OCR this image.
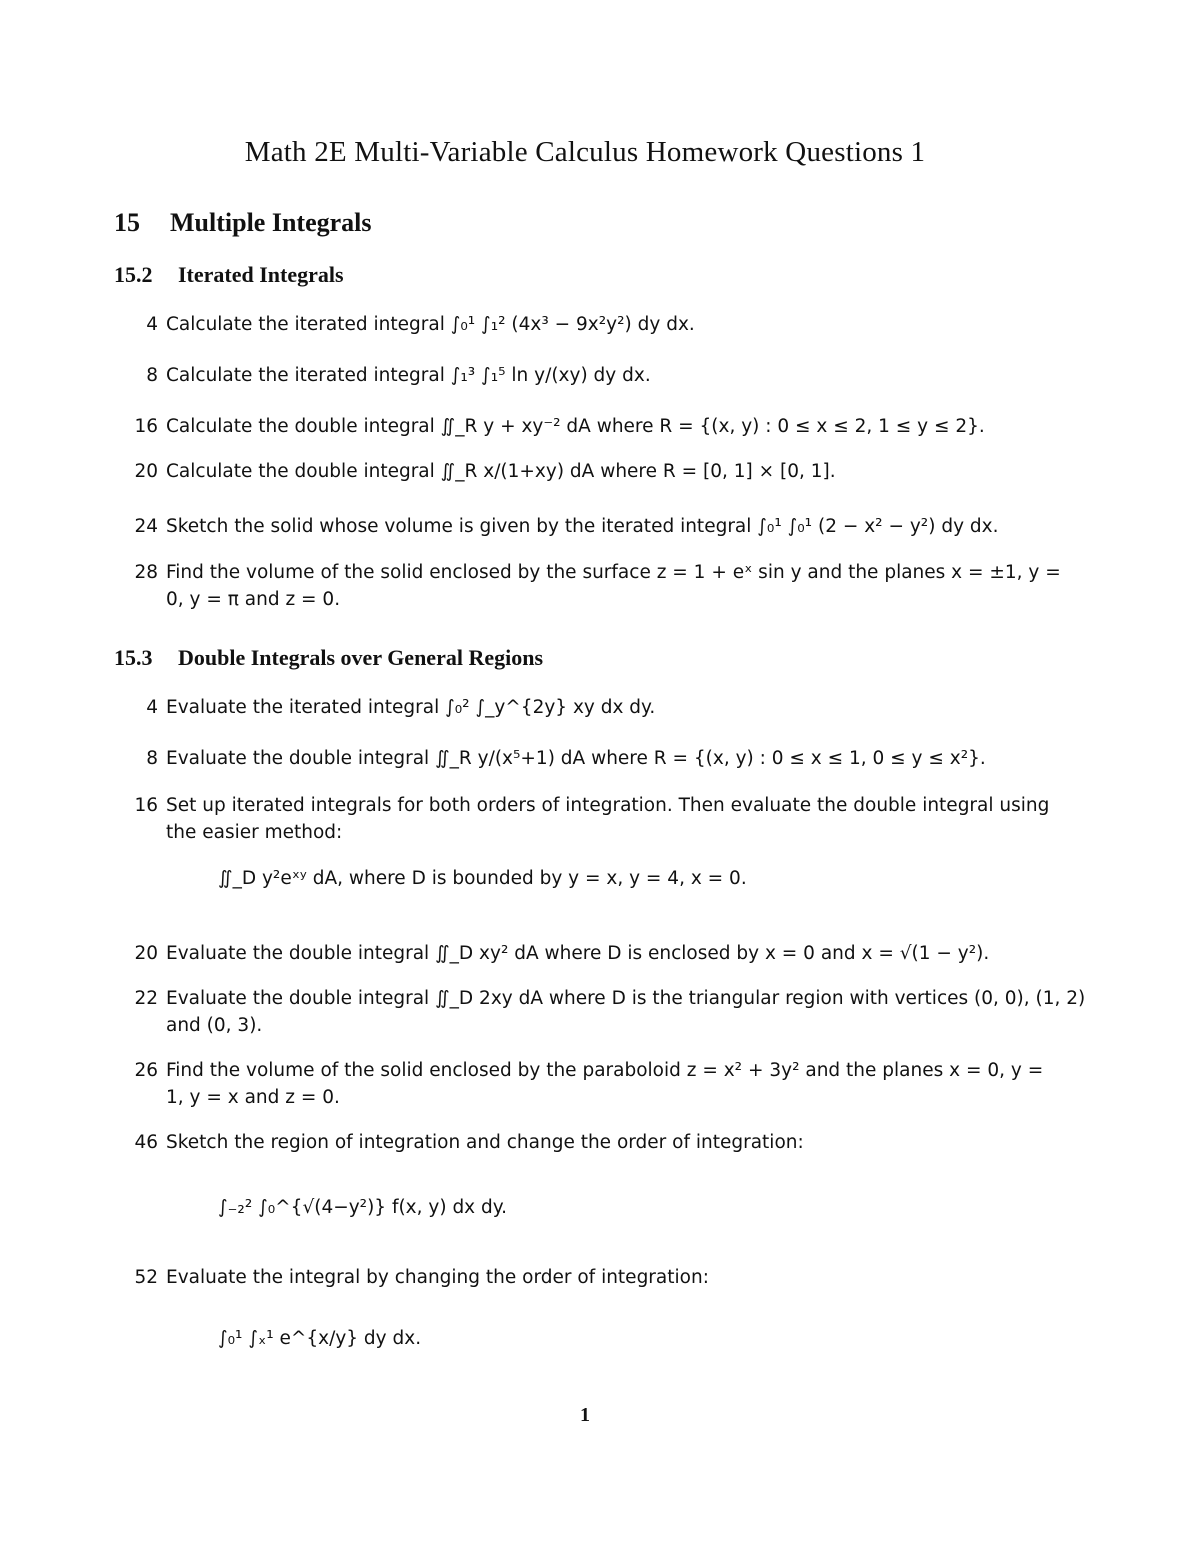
Math 2E Multi-Variable Calculus Homework Questions 1
15 Multiple Integrals
15.2 Iterated Integrals
4 Calculate the iterated integral ∫₀¹ ∫₁² (4x³ − 9x²y²) dy dx.
8 Calculate the iterated integral ∫₁³ ∫₁⁵ ln y/(xy) dy dx.
16 Calculate the double integral ∬_R y + xy⁻² dA where R = {(x, y) : 0 ≤ x ≤ 2, 1 ≤ y ≤ 2}.
20 Calculate the double integral ∬_R x/(1+xy) dA where R = [0, 1] × [0, 1].
24 Sketch the solid whose volume is given by the iterated integral ∫₀¹ ∫₀¹ (2 − x² − y²) dy dx.
28 Find the volume of the solid enclosed by the surface z = 1 + eˣ sin y and the planes x = ±1, y =
0, y = π and z = 0.
15.3 Double Integrals over General Regions
4 Evaluate the iterated integral ∫₀² ∫_y^{2y} xy dx dy.
8 Evaluate the double integral ∬_R y/(x⁵+1) dA where R = {(x, y) : 0 ≤ x ≤ 1, 0 ≤ y ≤ x²}.
16 Set up iterated integrals for both orders of integration. Then evaluate the double integral using
the easier method:
∬_D y²eˣʸ dA, where D is bounded by y = x, y = 4, x = 0.
20 Evaluate the double integral ∬_D xy² dA where D is enclosed by x = 0 and x = √(1 − y²).
22 Evaluate the double integral ∬_D 2xy dA where D is the triangular region with vertices (0, 0), (1, 2)
and (0, 3).
26 Find the volume of the solid enclosed by the paraboloid z = x² + 3y² and the planes x = 0, y =
1, y = x and z = 0.
46 Sketch the region of integration and change the order of integration:
∫₋₂² ∫₀^{√(4−y²)} f(x, y) dx dy.
52 Evaluate the integral by changing the order of integration:
∫₀¹ ∫ₓ¹ e^{x/y} dy dx.
1
